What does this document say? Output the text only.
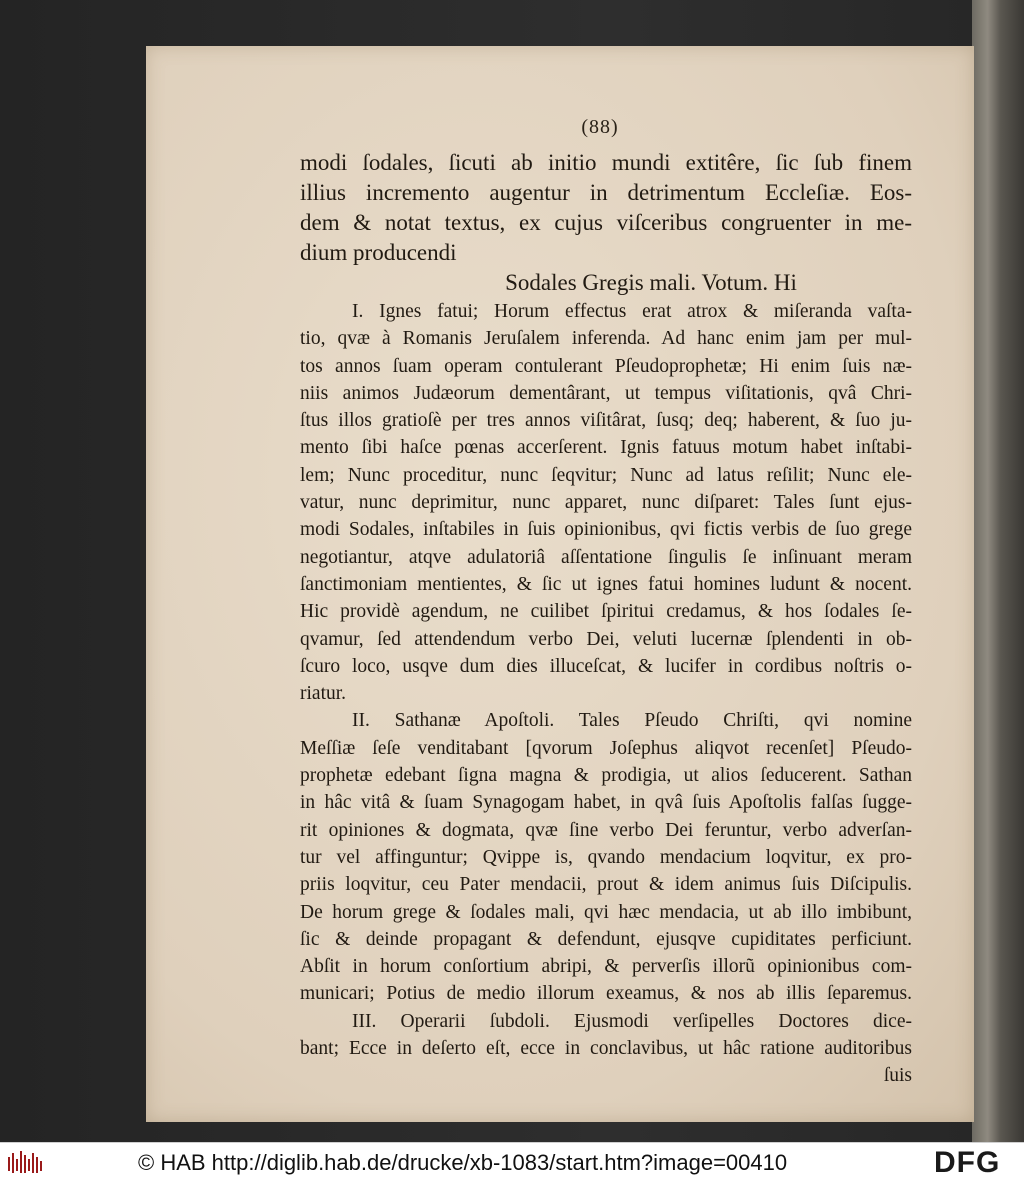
(88)
modi ſodales, ſicuti ab initio mundi extitêre, ſic ſub finem
illius incremento augentur in detrimentum Eccleſiæ. Eos-
dem & notat textus, ex cujus viſceribus congruenter in me-
dium producendi
Sodales Gregis mali. Votum. Hi
I. Ignes fatui; Horum effectus erat atrox & miſeranda vaſta-
tio, qvæ à Romanis Jeruſalem inferenda. Ad hanc enim jam per mul-
tos annos ſuam operam contulerant Pſeudoprophetæ; Hi enim ſuis næ-
niis animos Judæorum dementârant, ut tempus viſitationis, qvâ Chri-
ſtus illos gratioſè per tres annos viſitârat, ſusq; deq; haberent, & ſuo ju-
mento ſibi haſce pœnas accerſerent. Ignis fatuus motum habet inſtabi-
lem; Nunc proceditur, nunc ſeqvitur; Nunc ad latus reſilit; Nunc ele-
vatur, nunc deprimitur, nunc apparet, nunc diſparet: Tales ſunt ejus-
modi Sodales, inſtabiles in ſuis opinionibus, qvi fictis verbis de ſuo grege
negotiantur, atqve adulatoriâ aſſentatione ſingulis ſe inſinuant meram
ſanctimoniam mentientes, & ſic ut ignes fatui homines ludunt & nocent.
Hic providè agendum, ne cuilibet ſpiritui credamus, & hos ſodales ſe-
qvamur, ſed attendendum verbo Dei, veluti lucernæ ſplendenti in ob-
ſcuro loco, usqve dum dies illuceſcat, & lucifer in cordibus noſtris o-
riatur.
II. Sathanæ Apoſtoli. Tales Pſeudo Chriſti, qvi nomine
Meſſiæ ſeſe venditabant [qvorum Joſephus aliqvot recenſet] Pſeudo-
prophetæ edebant ſigna magna & prodigia, ut alios ſeducerent. Sathan
in hâc vitâ & ſuam Synagogam habet, in qvâ ſuis Apoſtolis falſas ſugge-
rit opiniones & dogmata, qvæ ſine verbo Dei feruntur, verbo adverſan-
tur vel affinguntur; Qvippe is, qvando mendacium loqvitur, ex pro-
priis loqvitur, ceu Pater mendacii, prout & idem animus ſuis Diſcipulis.
De horum grege & ſodales mali, qvi hæc mendacia, ut ab illo imbibunt,
ſic & deinde propagant & defendunt, ejusqve cupiditates perficiunt.
Abſit in horum conſortium abripi, & perverſis illorũ opinionibus com-
municari; Potius de medio illorum exeamus, & nos ab illis ſeparemus.
III. Operarii ſubdoli. Ejusmodi verſipelles Doctores dice-
bant; Ecce in deſerto eſt, ecce in conclavibus, ut hâc ratione auditoribus
ſuis
© HAB http://diglib.hab.de/drucke/xb-1083/start.htm?image=00410	DFG
